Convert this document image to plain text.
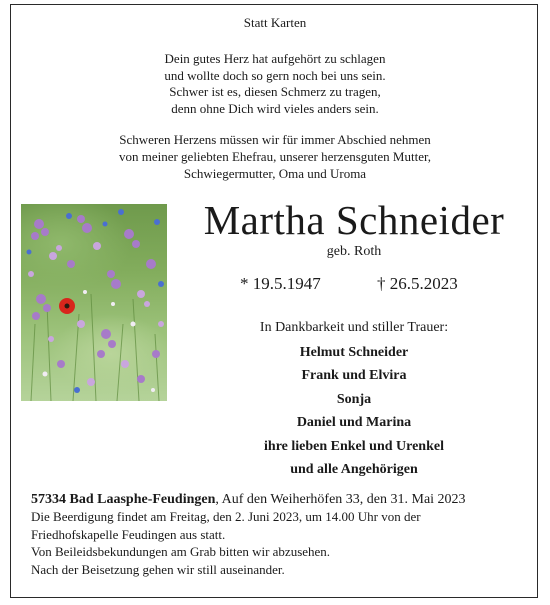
Statt Karten
Dein gutes Herz hat aufgehört zu schlagen
und wollte doch so gern noch bei uns sein.
Schwer ist es, diesen Schmerz zu tragen,
denn ohne Dich wird vieles anders sein.
Schweren Herzens müssen wir für immer Abschied nehmen
von meiner geliebten Ehefrau, unserer herzensguten Mutter,
Schwiegermutter, Oma und Uroma
Martha Schneider
geb. Roth
* 19.5.1947	† 26.5.2023
In Dankbarkeit und stiller Trauer:
Helmut Schneider
Frank und Elvira
Sonja
Daniel und Marina
ihre lieben Enkel und Urenkel
und alle Angehörigen
57334 Bad Laasphe-Feudingen, Auf den Weiherhöfen 33, den 31. Mai 2023
Die Beerdigung findet am Freitag, den 2. Juni 2023, um 14.00 Uhr von der
Friedhofskapelle Feudingen aus statt.
Von Beileidsbekundungen am Grab bitten wir abzusehen.
Nach der Beisetzung gehen wir still auseinander.
